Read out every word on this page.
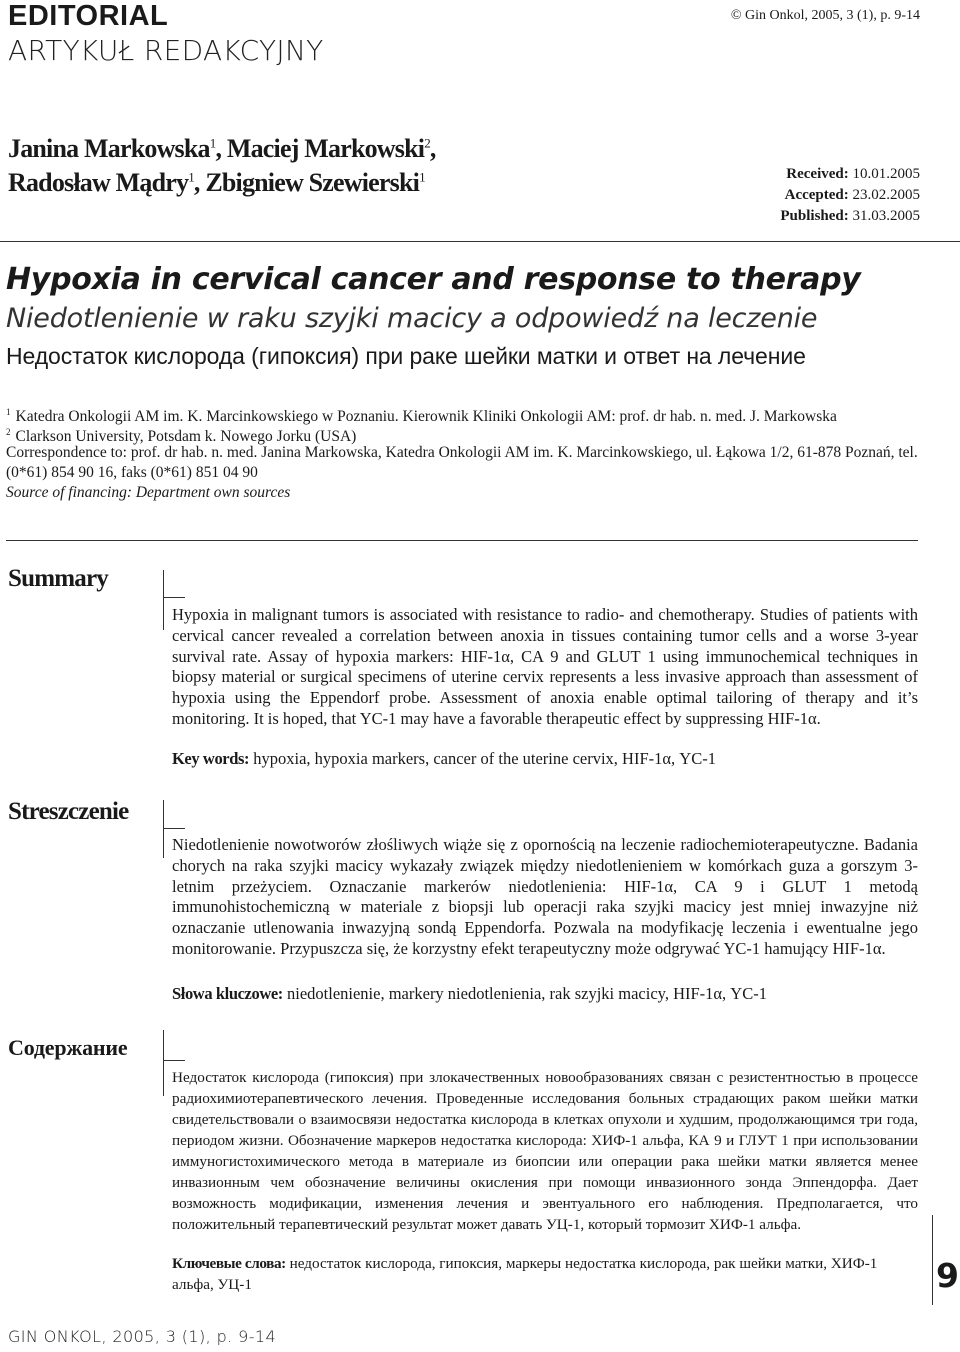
EDITORIAL
ARTYKUŁ REDAKCYJNY
© Gin Onkol, 2005, 3 (1), p. 9-14
Janina Markowska$^1$, Maciej Markowski$^2$,
Radosław Mądry$^1$, Zbigniew Szewierski$^1$	Received: 10.01.2005
Accepted: 23.02.2005
Published: 31.03.2005
Hypoxia in cervical cancer and response to therapy
Niedotlenienie w raku szyjki macicy a odpowiedź na leczenie
Недостаток кислорода (гипоксия) при раке шейки матки и ответ на лечение
$^1$ Katedra Onkologii AM im. K. Marcinkowskiego w Poznaniu. Kierownik Kliniki Onkologii AM: prof. dr hab. n. med. J. Markowska
$^2$ Clarkson University, Potsdam k. Nowego Jorku (USA)
Correspondence to: prof. dr hab. n. med. Janina Markowska, Katedra Onkologii AM im. K. Marcinkowskiego, ul. Łąkowa 1/2, 61-878 Poznań, tel. (0*61) 854 90 16, faks (0*61) 851 04 90
Source of financing: Department own sources
Summary
Hypoxia in malignant tumors is associated with resistance to radio- and chemotherapy. Studies of patients with cervical cancer revealed a correlation between anoxia in tissues containing tumor cells and a worse 3-year survival rate. Assay of hypoxia markers: HIF-1α, CA 9 and GLUT 1 using immunochemical techniques in biopsy material or surgical specimens of uterine cervix represents a less invasive approach than assessment of hypoxia using the Eppendorf probe. Assessment of anoxia enable optimal tailoring of therapy and it’s monitoring. It is hoped, that YC-1 may have a favorable therapeutic effect by suppressing HIF-1α.
Key words: hypoxia, hypoxia markers, cancer of the uterine cervix, HIF-1α, YC-1
Streszczenie
Niedotlenienie nowotworów złośliwych wiąże się z opornością na leczenie radiochemioterapeutyczne. Badania chorych na raka szyjki macicy wykazały związek między niedotlenieniem w komórkach guza a gorszym 3-letnim przeżyciem. Oznaczanie markerów niedotlenienia: HIF-1α, CA 9 i GLUT 1 metodą immunohistochemiczną w materiale z biopsji lub operacji raka szyjki macicy jest mniej inwazyjne niż oznaczanie utlenowania inwazyjną sondą Eppendorfa. Pozwala na modyfikację leczenia i ewentualne jego monitorowanie. Przypuszcza się, że korzystny efekt terapeutyczny może odgrywać YC-1 hamujący HIF-1α.
Słowa kluczowe: niedotlenienie, markery niedotlenienia, rak szyjki macicy, HIF-1α, YC-1
Содержание
Недостаток кислорода (гипоксия) при злокачественных новообразованиях связан с резистентностью в процессе радиохимиотерапевтического лечения. Проведенные исследования больных страдающих раком шейки матки свидетельствовали о взаимосвязи недостатка кислорода в клетках опухоли и худшим, продолжающимся три года, периодом жизни. Обозначение маркеров недостатка кислорода: ХИФ-1 альфа, КА 9 и ГЛУТ 1 при использовании иммуногистохимического метода в материале из биопсии или операции рака шейки матки является менее инвазионным чем обозначение величины окисления при помощи инвазионного зонда Эппендорфа. Дает возможность модификации, изменения лечения и эвентуального его наблюдения. Предполагается, что положительный терапевтический результат может давать УЦ-1, который тормозит ХИФ-1 альфа.
Ключевые слова: недостаток кислорода, гипоксия, маркеры недостатка кислорода, рак шейки матки, ХИФ-1 альфа, УЦ-1	9
GIN ONKOL, 2005, 3 (1), p. 9-14
